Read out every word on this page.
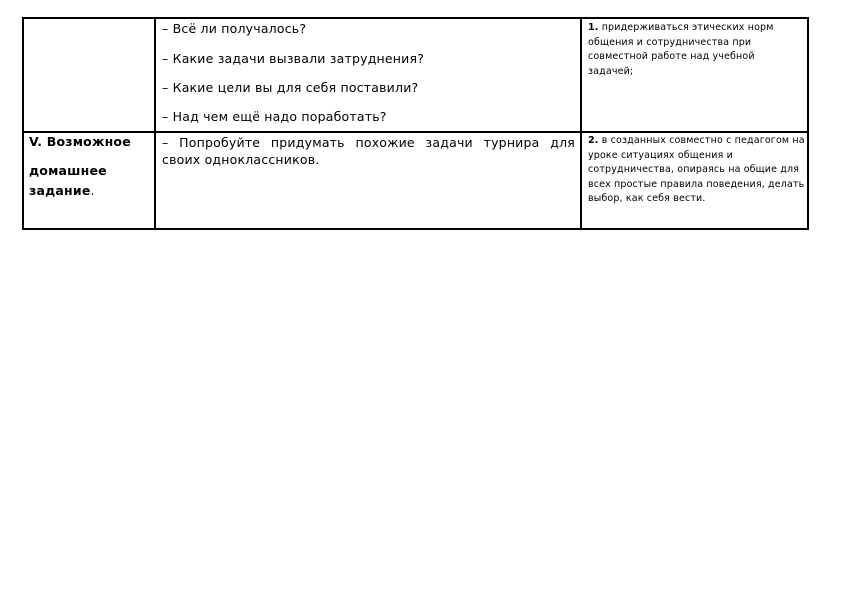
– Всё ли получалось?
– Какие задачи вызвали затруднения?
– Какие цели вы для себя поставили?
– Над чем ещё надо поработать?
1. придерживаться этических норм общения и сотрудничества при совместной работе над учебной задачей;

V. Возможное

домашнее

задание.

– Попробуйте придумать похожие задачи турнира для своих одноклассников.
2. в созданных совместно с педагогом на уроке ситуациях общения и сотрудничества, опираясь на общие для всех простые правила поведения, делать выбор, как себя вести.
